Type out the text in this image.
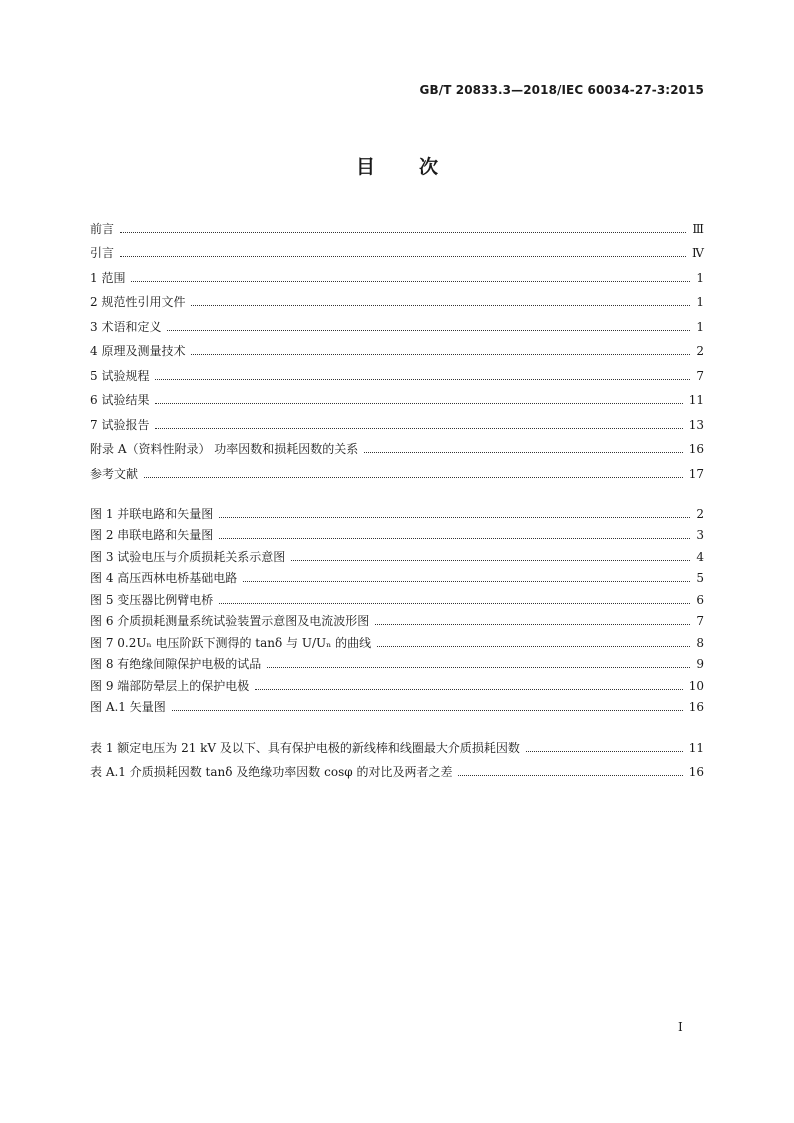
GB/T 20833.3—2018/IEC 60034-27-3:2015
目次
前言	Ⅲ
引言	Ⅳ
1 范围	1
2 规范性引用文件	1
3 术语和定义	1
4 原理及测量技术	2
5 试验规程	7
6 试验结果	11
7 试验报告	13
附录 A（资料性附录） 功率因数和损耗因数的关系	16
参考文献	17
图 1 并联电路和矢量图	2
图 2 串联电路和矢量图	3
图 3 试验电压与介质损耗关系示意图	4
图 4 高压西林电桥基础电路	5
图 5 变压器比例臂电桥	6
图 6 介质损耗测量系统试验装置示意图及电流波形图	7
图 7 0.2Uₙ 电压阶跃下测得的 tanδ 与 U/Uₙ 的曲线	8
图 8 有绝缘间隙保护电极的试品	9
图 9 端部防晕层上的保护电极	10
图 A.1 矢量图	16
表 1 额定电压为 21 kV 及以下、具有保护电极的新线棒和线圈最大介质损耗因数	11
表 A.1 介质损耗因数 tanδ 及绝缘功率因数 cosφ 的对比及两者之差	16
I
